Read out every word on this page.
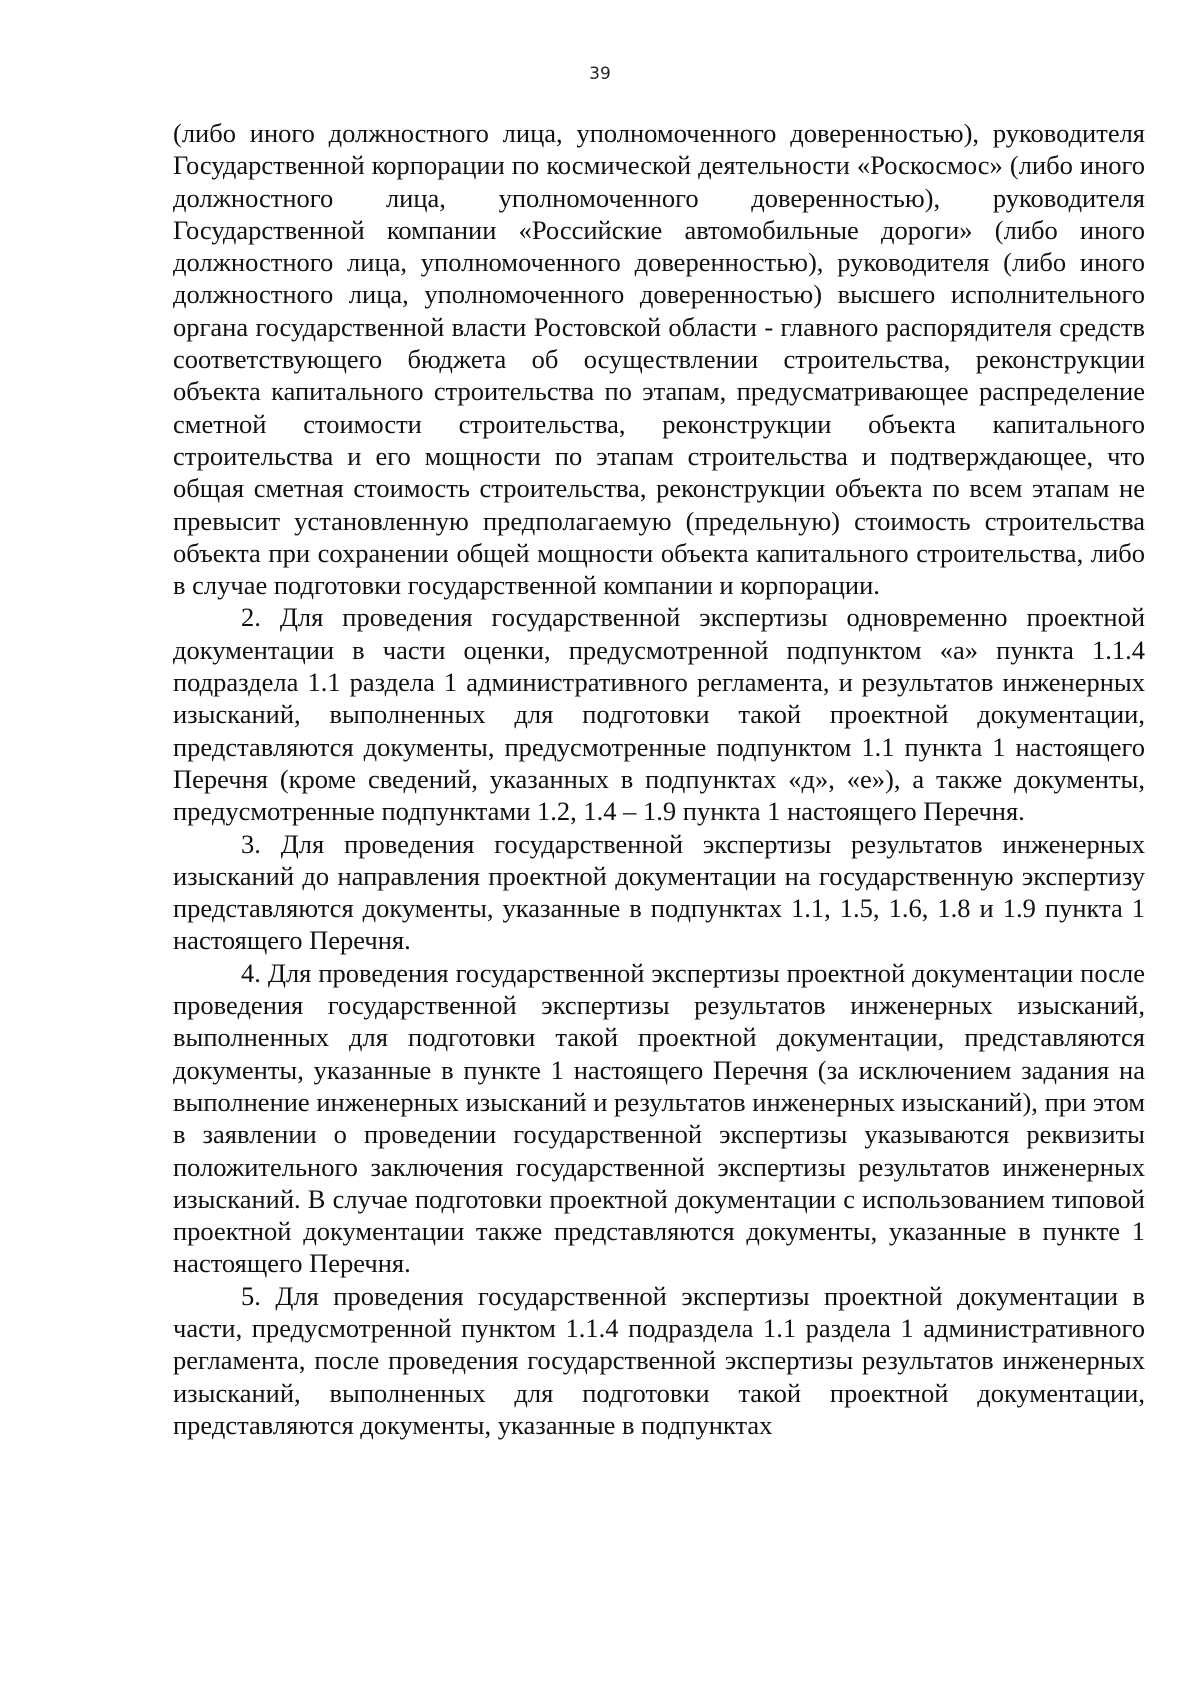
39

(либо иного должностного лица, уполномоченного доверенностью), руководителя Государственной корпорации по космической деятельности «Роскосмос» (либо иного должностного лица, уполномоченного доверенностью), руководителя Государственной компании «Российские автомобильные дороги» (либо иного должностного лица, уполномоченного доверенностью), руководителя (либо иного должностного лица, уполномоченного доверенностью) высшего исполнительного органа государственной власти Ростовской области - главного распорядителя средств соответствующего бюджета об осуществлении строительства, реконструкции объекта капитального строительства по этапам, предусматривающее распределение сметной стоимости строительства, реконструкции объекта капитального строительства и его мощности по этапам строительства и подтверждающее, что общая сметная стоимость строительства, реконструкции объекта по всем этапам не превысит установленную предполагаемую (предельную) стоимость строительства объекта при сохранении общей мощности объекта капитального строительства, либо в случае подготовки государственной компании и корпорации.

2. Для проведения государственной экспертизы одновременно проектной документации в части оценки, предусмотренной подпунктом «а» пункта 1.1.4 подраздела 1.1 раздела 1 административного регламента, и результатов инженерных изысканий, выполненных для подготовки такой проектной документации, представляются документы, предусмотренные подпунктом 1.1 пункта 1 настоящего Перечня (кроме сведений, указанных в подпунктах «д», «е»), а также документы, предусмотренные подпунктами 1.2, 1.4 – 1.9 пункта 1 настоящего Перечня.

3. Для проведения государственной экспертизы результатов инженерных изысканий до направления проектной документации на государственную экспертизу представляются документы, указанные в подпунктах 1.1, 1.5, 1.6, 1.8 и 1.9 пункта 1 настоящего Перечня.

4. Для проведения государственной экспертизы проектной документации после проведения государственной экспертизы результатов инженерных изысканий, выполненных для подготовки такой проектной документации, представляются документы, указанные в пункте 1 настоящего Перечня (за исключением задания на выполнение инженерных изысканий и результатов инженерных изысканий), при этом в заявлении о проведении государственной экспертизы указываются реквизиты положительного заключения государственной экспертизы результатов инженерных изысканий. В случае подготовки проектной документации с использованием типовой проектной документации также представляются документы, указанные в пункте 1 настоящего Перечня.

5. Для проведения государственной экспертизы проектной документации в части, предусмотренной пунктом 1.1.4 подраздела 1.1 раздела 1 административного регламента, после проведения государственной экспертизы результатов инженерных изысканий, выполненных для подготовки такой проектной документации, представляются документы, указанные в подпунктах
